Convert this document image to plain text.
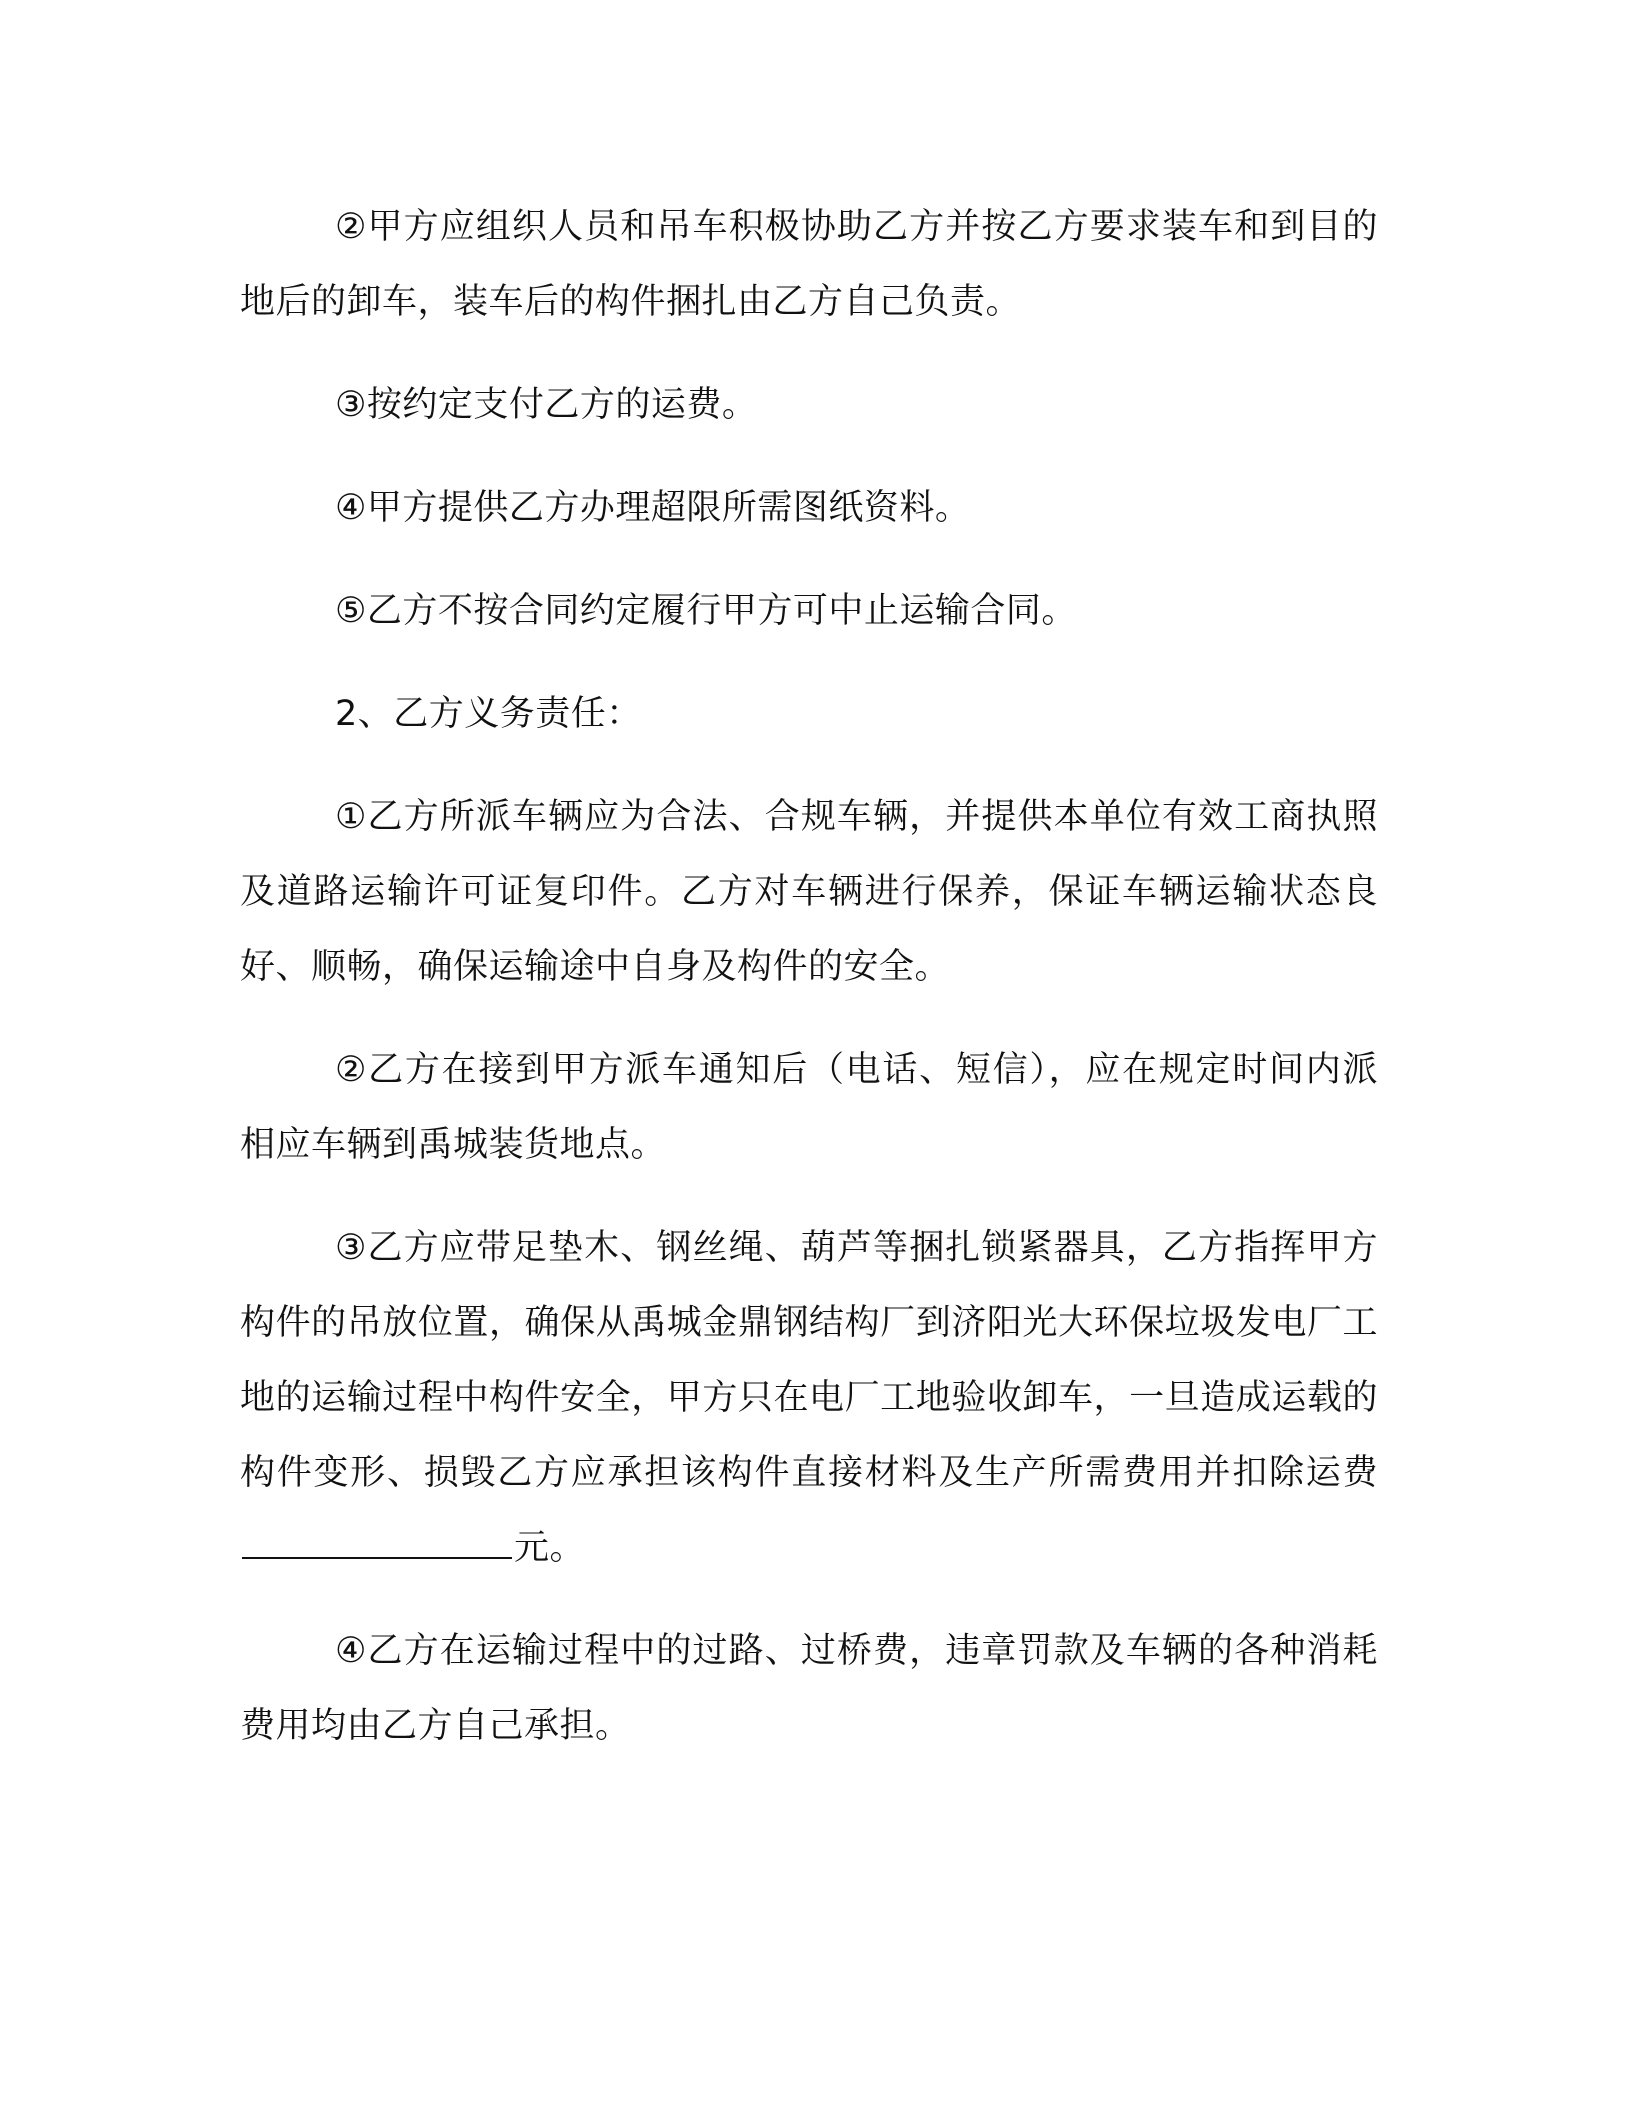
②甲方应组织人员和吊车积极协助乙方并按乙方要求装车和到目的地后的卸车，装车后的构件捆扎由乙方自己负责。

③按约定支付乙方的运费。

④甲方提供乙方办理超限所需图纸资料。

⑤乙方不按合同约定履行甲方可中止运输合同。

2、乙方义务责任：

①乙方所派车辆应为合法、合规车辆，并提供本单位有效工商执照及道路运输许可证复印件。乙方对车辆进行保养，保证车辆运输状态良好、顺畅，确保运输途中自身及构件的安全。

②乙方在接到甲方派车通知后（电话、短信），应在规定时间内派相应车辆到禹城装货地点。

③乙方应带足垫木、钢丝绳、葫芦等捆扎锁紧器具，乙方指挥甲方构件的吊放位置，确保从禹城金鼎钢结构厂到济阳光大环保垃圾发电厂工地的运输过程中构件安全，甲方只在电厂工地验收卸车，一旦造成运载的构件变形、损毁乙方应承担该构件直接材料及生产所需费用并扣除运费元。

④乙方在运输过程中的过路、过桥费，违章罚款及车辆的各种消耗费用均由乙方自己承担。
